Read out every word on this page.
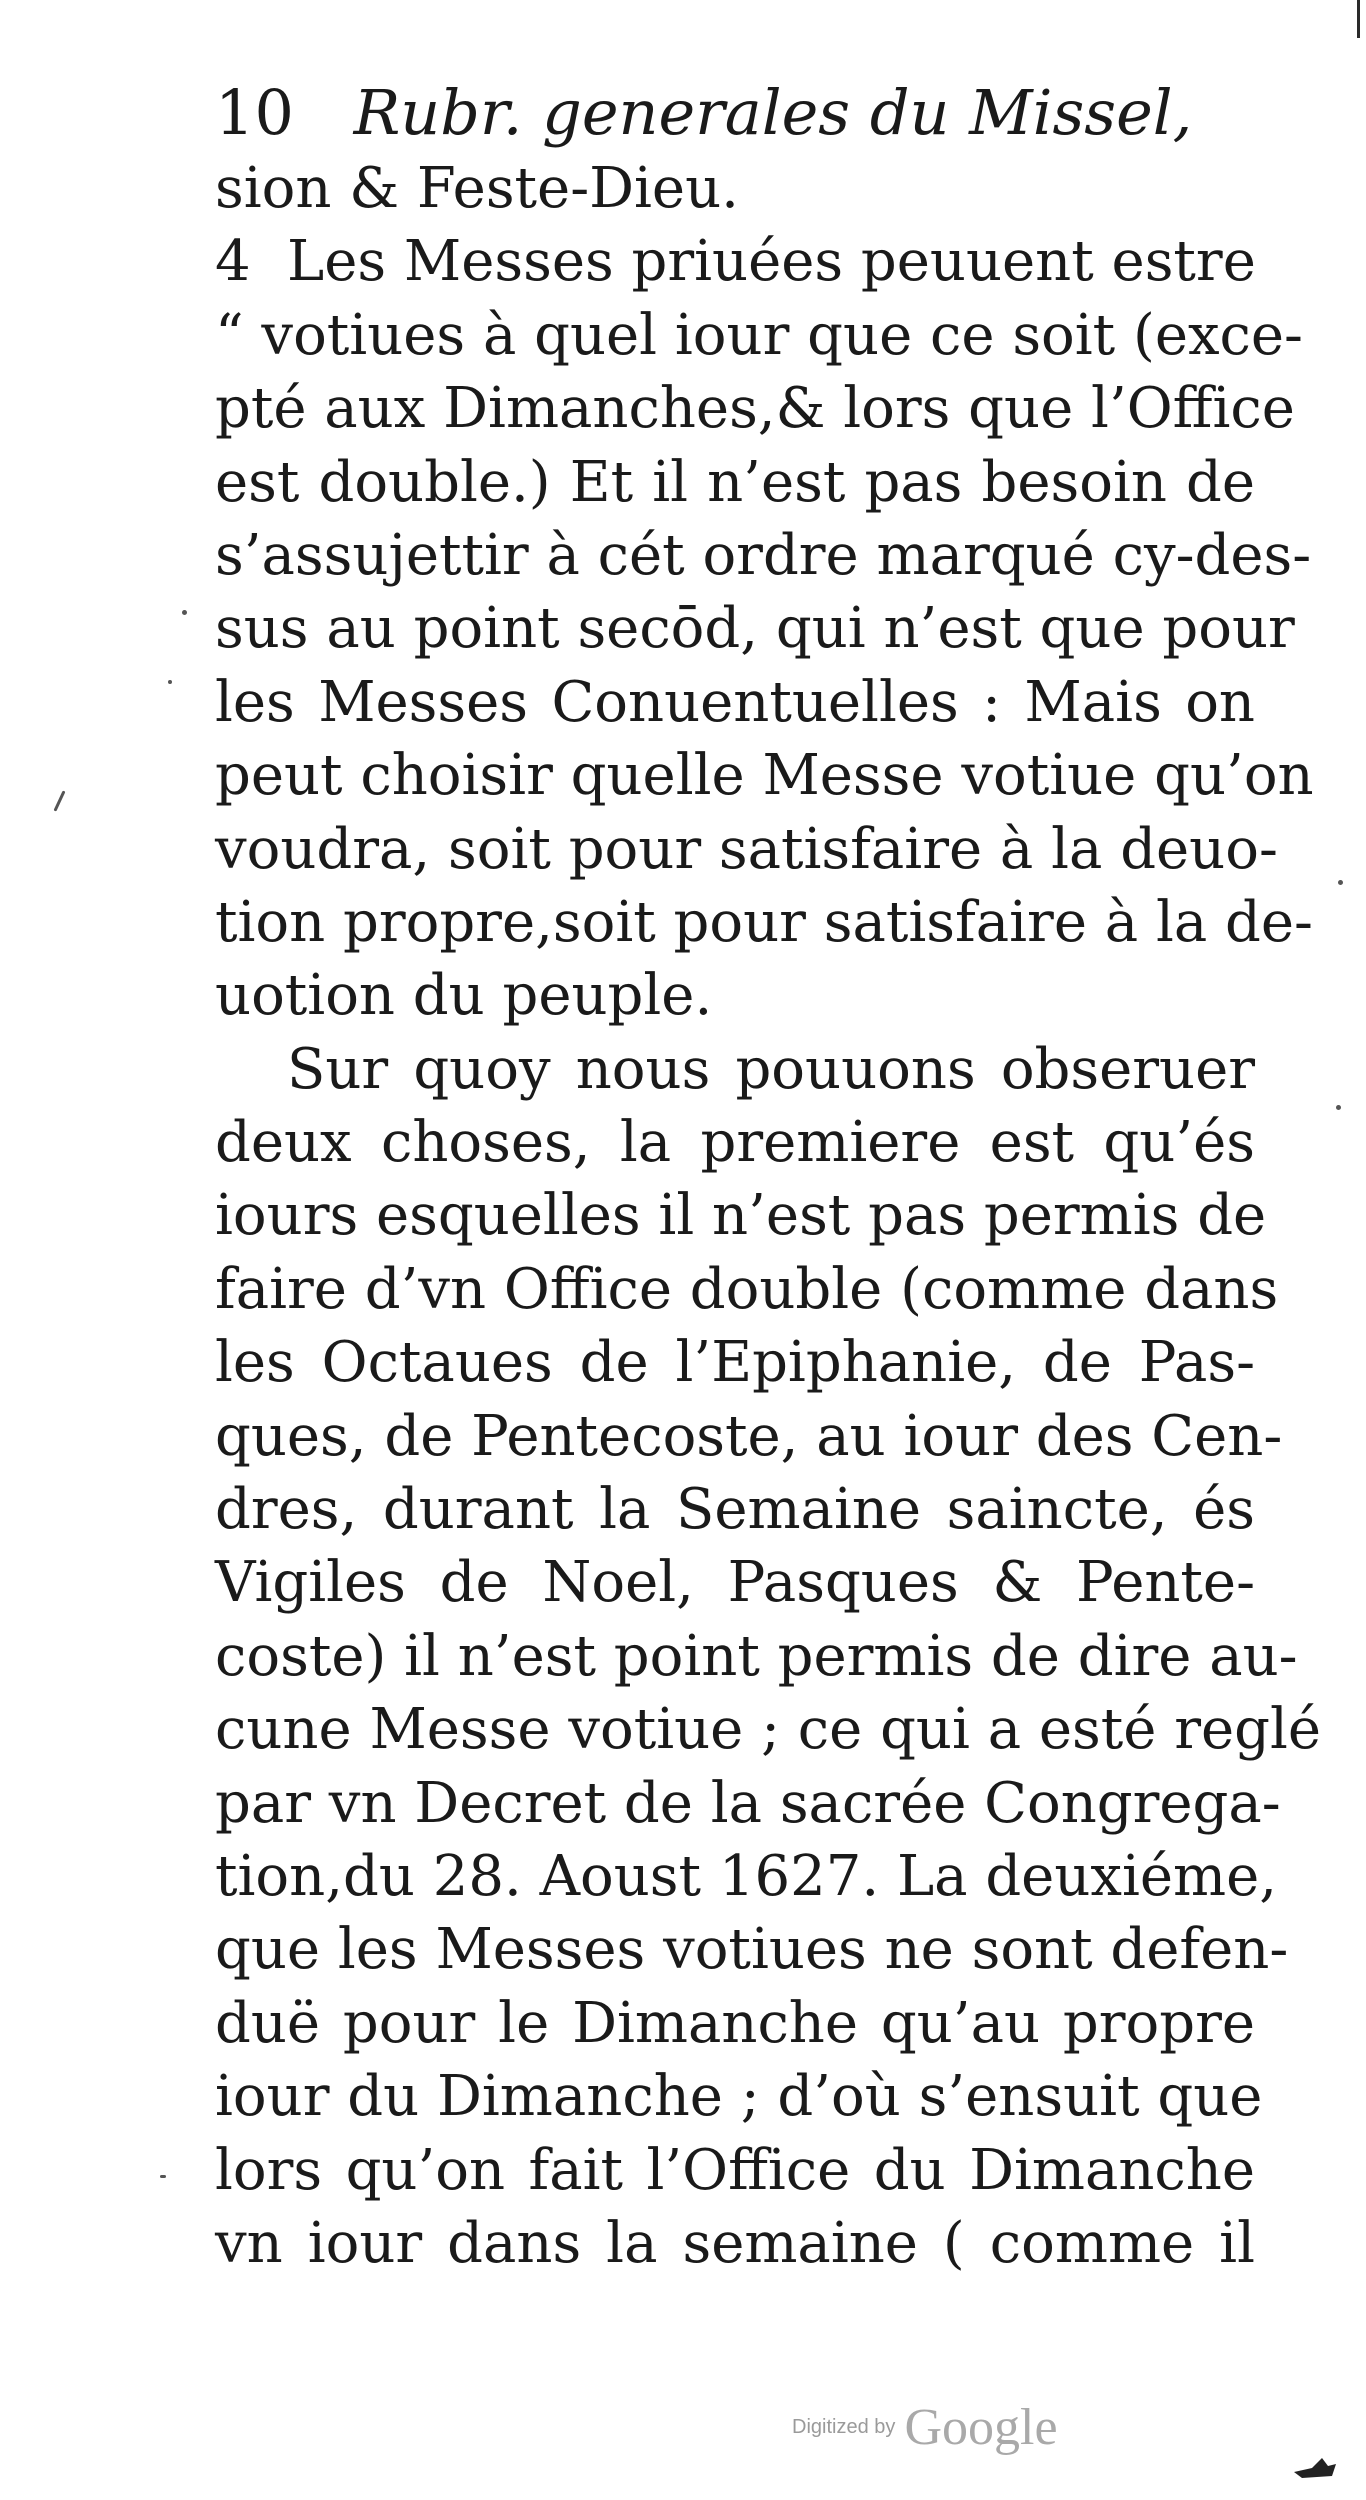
10 Rubr. generales du Missel,
sion & Feste-Dieu.
4 Les Messes priuées peuuent estre
“ votiues à quel iour que ce soit (exce-
pté aux Dimanches,& lors que l’Office
est double.) Et il n’est pas besoin de
s’assujettir à cét ordre marqué cy-des-
sus au point secōd, qui n’est que pour
les Messes Conuentuelles : Mais on
peut choisir quelle Messe votiue qu’on
voudra, soit pour satisfaire à la deuo-
tion propre,soit pour satisfaire à la de-
uotion du peuple.
Sur quoy nous pouuons obseruer
deux choses, la premiere est qu’és
iours esquelles il n’est pas permis de
faire d’vn Office double (comme dans
les Octaues de l’Epiphanie, de Pas-
ques, de Pentecoste, au iour des Cen-
dres, durant la Semaine saincte, és
Vigiles de Noel, Pasques & Pente-
coste) il n’est point permis de dire au-
cune Messe votiue ; ce qui a esté reglé
par vn Decret de la sacrée Congrega-
tion,du 28. Aoust 1627. La deuxiéme,
que les Messes votiues ne sont defen-
duë pour le Dimanche qu’au propre
iour du Dimanche ; d’où s’ensuit que
lors qu’on fait l’Office du Dimanche
vn iour dans la semaine ( comme il
Digitized by Google
